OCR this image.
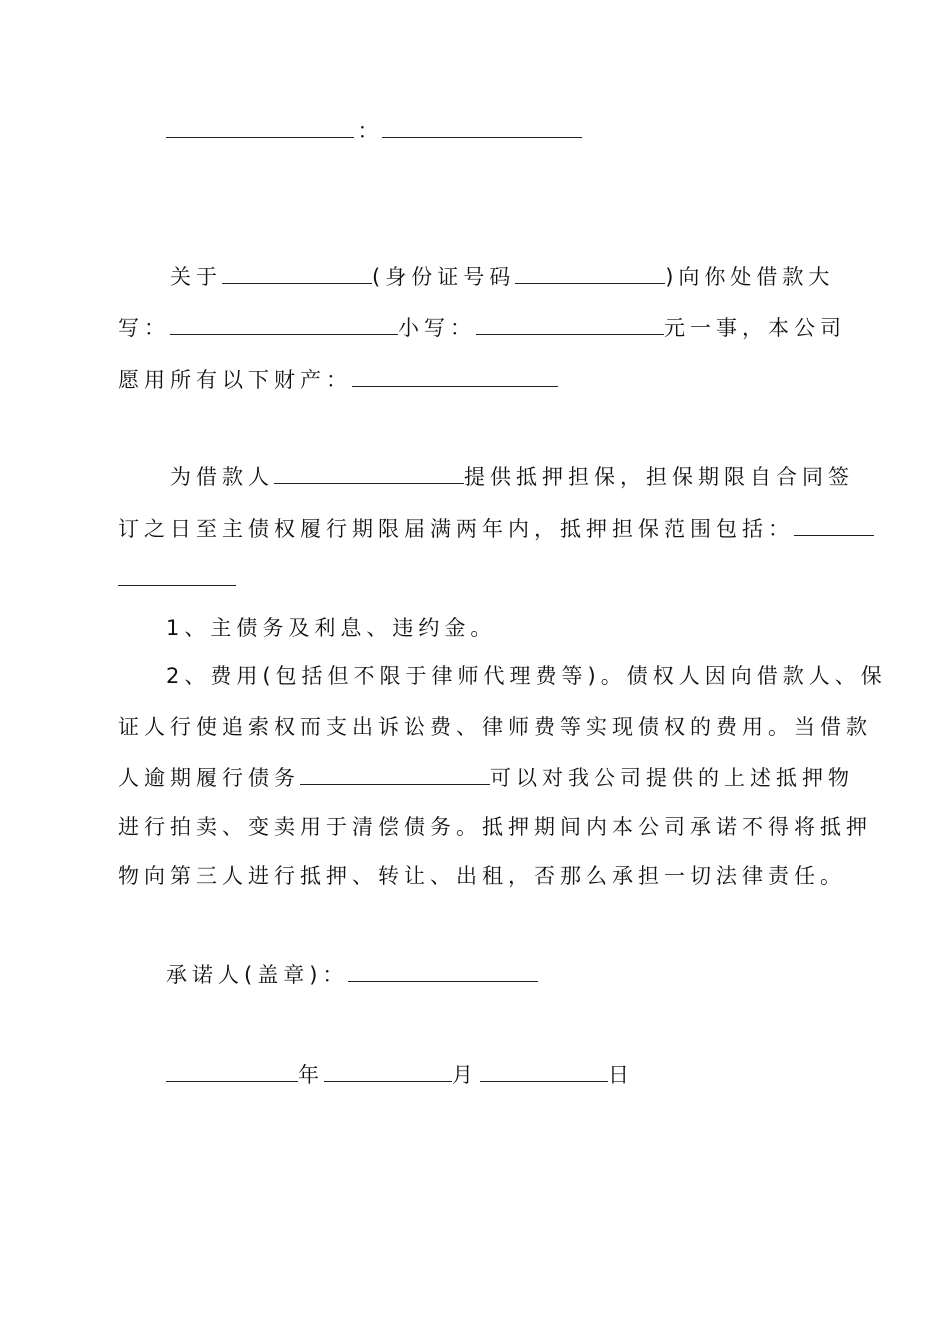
：
关于	(身份证号码	)向你处借款大
写：	小写：	元一事，本公司
愿用所有以下财产：
为借款人	提供抵押担保，担保期限自合同签
订之日至主债权履行期限届满两年内，抵押担保范围包括：
1、主债务及利息、违约金。
2、费用(包括但不限于律师代理费等)。债权人因向借款人、保
证人行使追索权而支出诉讼费、律师费等实现债权的费用。当借款
人逾期履行债务	可以对我公司提供的上述抵押物
进行拍卖、变卖用于清偿债务。抵押期间内本公司承诺不得将抵押
物向第三人进行抵押、转让、出租，否那么承担一切法律责任。
承诺人(盖章)：
年	月	日
